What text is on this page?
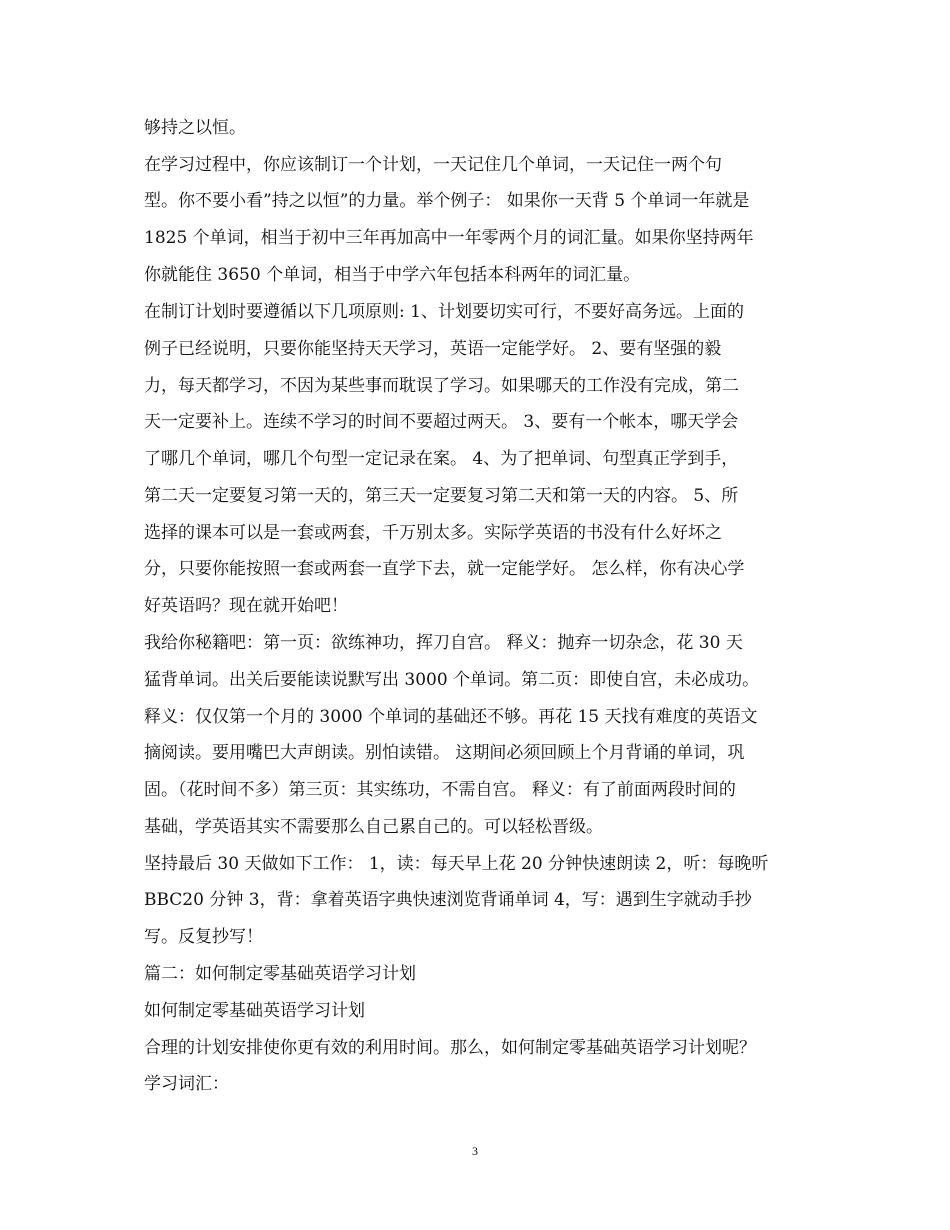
够持之以恒。
在学习过程中，你应该制订一个计划，一天记住几个单词，一天记住一两个句
型。你不要小看”持之以恒”的力量。举个例子： 如果你一天背 5 个单词一年就是
1825 个单词，相当于初中三年再加高中一年零两个月的词汇量。如果你坚持两年
你就能住 3650 个单词，相当于中学六年包括本科两年的词汇量。
在制订计划时要遵循以下几项原则: 1、计划要切实可行，不要好高务远。上面的
例子已经说明，只要你能坚持天天学习，英语一定能学好。 2、要有坚强的毅
力，每天都学习，不因为某些事而耽误了学习。如果哪天的工作没有完成，第二
天一定要补上。连续不学习的时间不要超过两天。 3、要有一个帐本，哪天学会
了哪几个单词，哪几个句型一定记录在案。 4、为了把单词、句型真正学到手，
第二天一定要复习第一天的，第三天一定要复习第二天和第一天的内容。 5、所
选择的课本可以是一套或两套，千万别太多。实际学英语的书没有什么好坏之
分，只要你能按照一套或两套一直学下去，就一定能学好。 怎么样，你有决心学
好英语吗？现在就开始吧！
我给你秘籍吧：第一页：欲练神功，挥刀自宫。 释义：抛弃一切杂念，花 30 天
猛背单词。出关后要能读说默写出 3000 个单词。第二页：即使自宫，未必成功。
释义：仅仅第一个月的 3000 个单词的基础还不够。再花 15 天找有难度的英语文
摘阅读。要用嘴巴大声朗读。别怕读错。 这期间必须回顾上个月背诵的单词，巩
固。（花时间不多）第三页：其实练功，不需自宫。 释义：有了前面两段时间的
基础，学英语其实不需要那么自己累自己的。可以轻松晋级。
坚持最后 30 天做如下工作： 1，读：每天早上花 20 分钟快速朗读 2，听：每晚听
BBC20 分钟 3，背：拿着英语字典快速浏览背诵单词 4，写：遇到生字就动手抄
写。反复抄写！
篇二：如何制定零基础英语学习计划
如何制定零基础英语学习计划
合理的计划安排使你更有效的利用时间。那么，如何制定零基础英语学习计划呢？
学习词汇：
3
